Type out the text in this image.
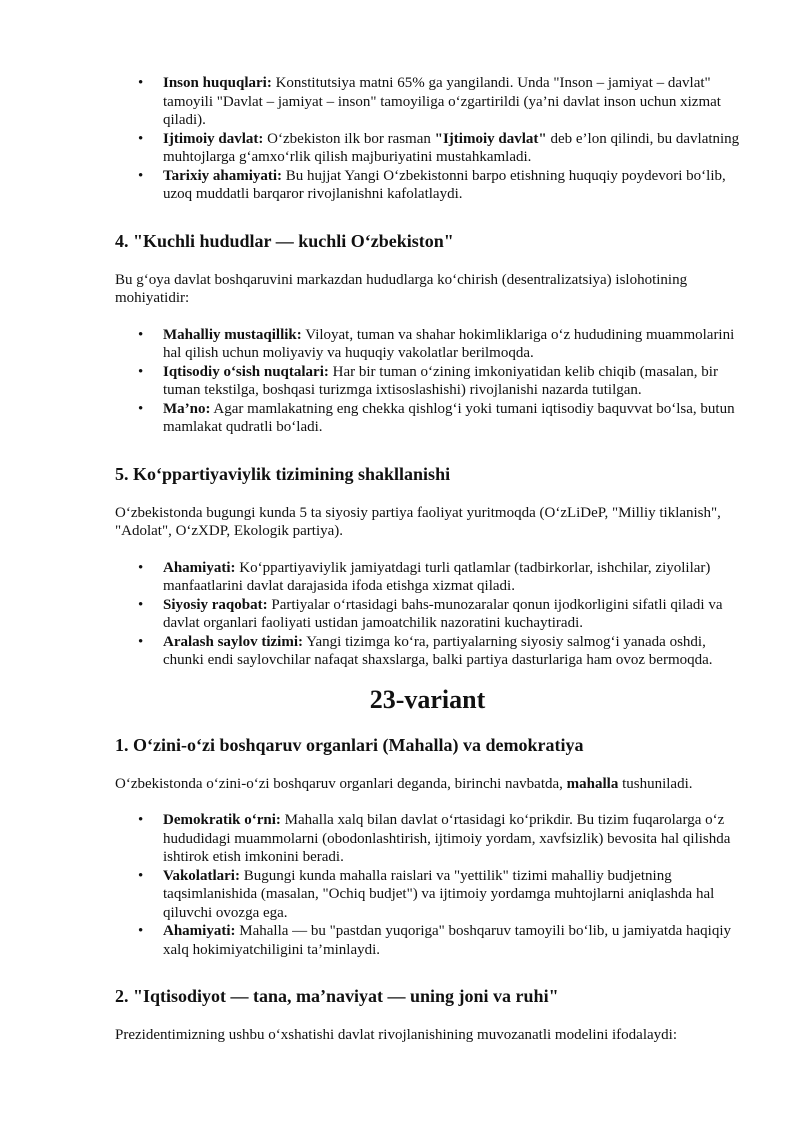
• Inson huquqlari: Konstitutsiya matni 65% ga yangilandi. Unda "Inson – jamiyat – davlat" tamoyili "Davlat – jamiyat – inson" tamoyiliga oʻzgartirildi (ya’ni davlat inson uchun xizmat qiladi).
• Ijtimoiy davlat: Oʻzbekiston ilk bor rasman "Ijtimoiy davlat" deb e’lon qilindi, bu davlatning muhtojlarga gʻamxoʻrlik qilish majburiyatini mustahkamladi.
• Tarixiy ahamiyati: Bu hujjat Yangi Oʻzbekistonni barpo etishning huquqiy poydevori boʻlib, uzoq muddatli barqaror rivojlanishni kafolatlaydi.
4. "Kuchli hududlar — kuchli Oʻzbekiston"

Bu gʻoya davlat boshqaruvini markazdan hududlarga koʻchirish (desentralizatsiya) islohotining mohiyatidir:

• Mahalliy mustaqillik: Viloyat, tuman va shahar hokimliklariga oʻz hududining muammolarini hal qilish uchun moliyaviy va huquqiy vakolatlar berilmoqda.
• Iqtisodiy oʻsish nuqtalari: Har bir tuman oʻzining imkoniyatidan kelib chiqib (masalan, bir tuman tekstilga, boshqasi turizmga ixtisoslashishi) rivojlanishi nazarda tutilgan.
• Ma’no: Agar mamlakatning eng chekka qishlogʻi yoki tumani iqtisodiy baquvvat boʻlsa, butun mamlakat qudratli boʻladi.
5. Koʻppartiyaviylik tizimining shakllanishi

Oʻzbekistonda bugungi kunda 5 ta siyosiy partiya faoliyat yuritmoqda (OʻzLiDeP, "Milliy tiklanish", "Adolat", OʻzXDP, Ekologik partiya).

• Ahamiyati: Koʻppartiyaviylik jamiyatdagi turli qatlamlar (tadbirkorlar, ishchilar, ziyolilar) manfaatlarini davlat darajasida ifoda etishga xizmat qiladi.
• Siyosiy raqobat: Partiyalar oʻrtasidagi bahs-munozaralar qonun ijodkorligini sifatli qiladi va davlat organlari faoliyati ustidan jamoatchilik nazoratini kuchaytiradi.
• Aralash saylov tizimi: Yangi tizimga koʻra, partiyalarning siyosiy salmogʻi yanada oshdi, chunki endi saylovchilar nafaqat shaxslarga, balki partiya dasturlariga ham ovoz bermoqda.
23-variant
1. Oʻzini-oʻzi boshqaruv organlari (Mahalla) va demokratiya

Oʻzbekistonda oʻzini-oʻzi boshqaruv organlari deganda, birinchi navbatda, mahalla tushuniladi.

• Demokratik oʻrni: Mahalla xalq bilan davlat oʻrtasidagi koʻprikdir. Bu tizim fuqarolarga oʻz hududidagi muammolarni (obodonlashtirish, ijtimoiy yordam, xavfsizlik) bevosita hal qilishda ishtirok etish imkonini beradi.
• Vakolatlari: Bugungi kunda mahalla raislari va "yettilik" tizimi mahalliy budjetning taqsimlanishida (masalan, "Ochiq budjet") va ijtimoiy yordamga muhtojlarni aniqlashda hal qiluvchi ovozga ega.
• Ahamiyati: Mahalla — bu "pastdan yuqoriga" boshqaruv tamoyili boʻlib, u jamiyatda haqiqiy xalq hokimiyatchiligini ta’minlaydi.
2. "Iqtisodiyot — tana, ma’naviyat — uning joni va ruhi"

Prezidentimizning ushbu oʻxshatishi davlat rivojlanishining muvozanatli modelini ifodalaydi:
